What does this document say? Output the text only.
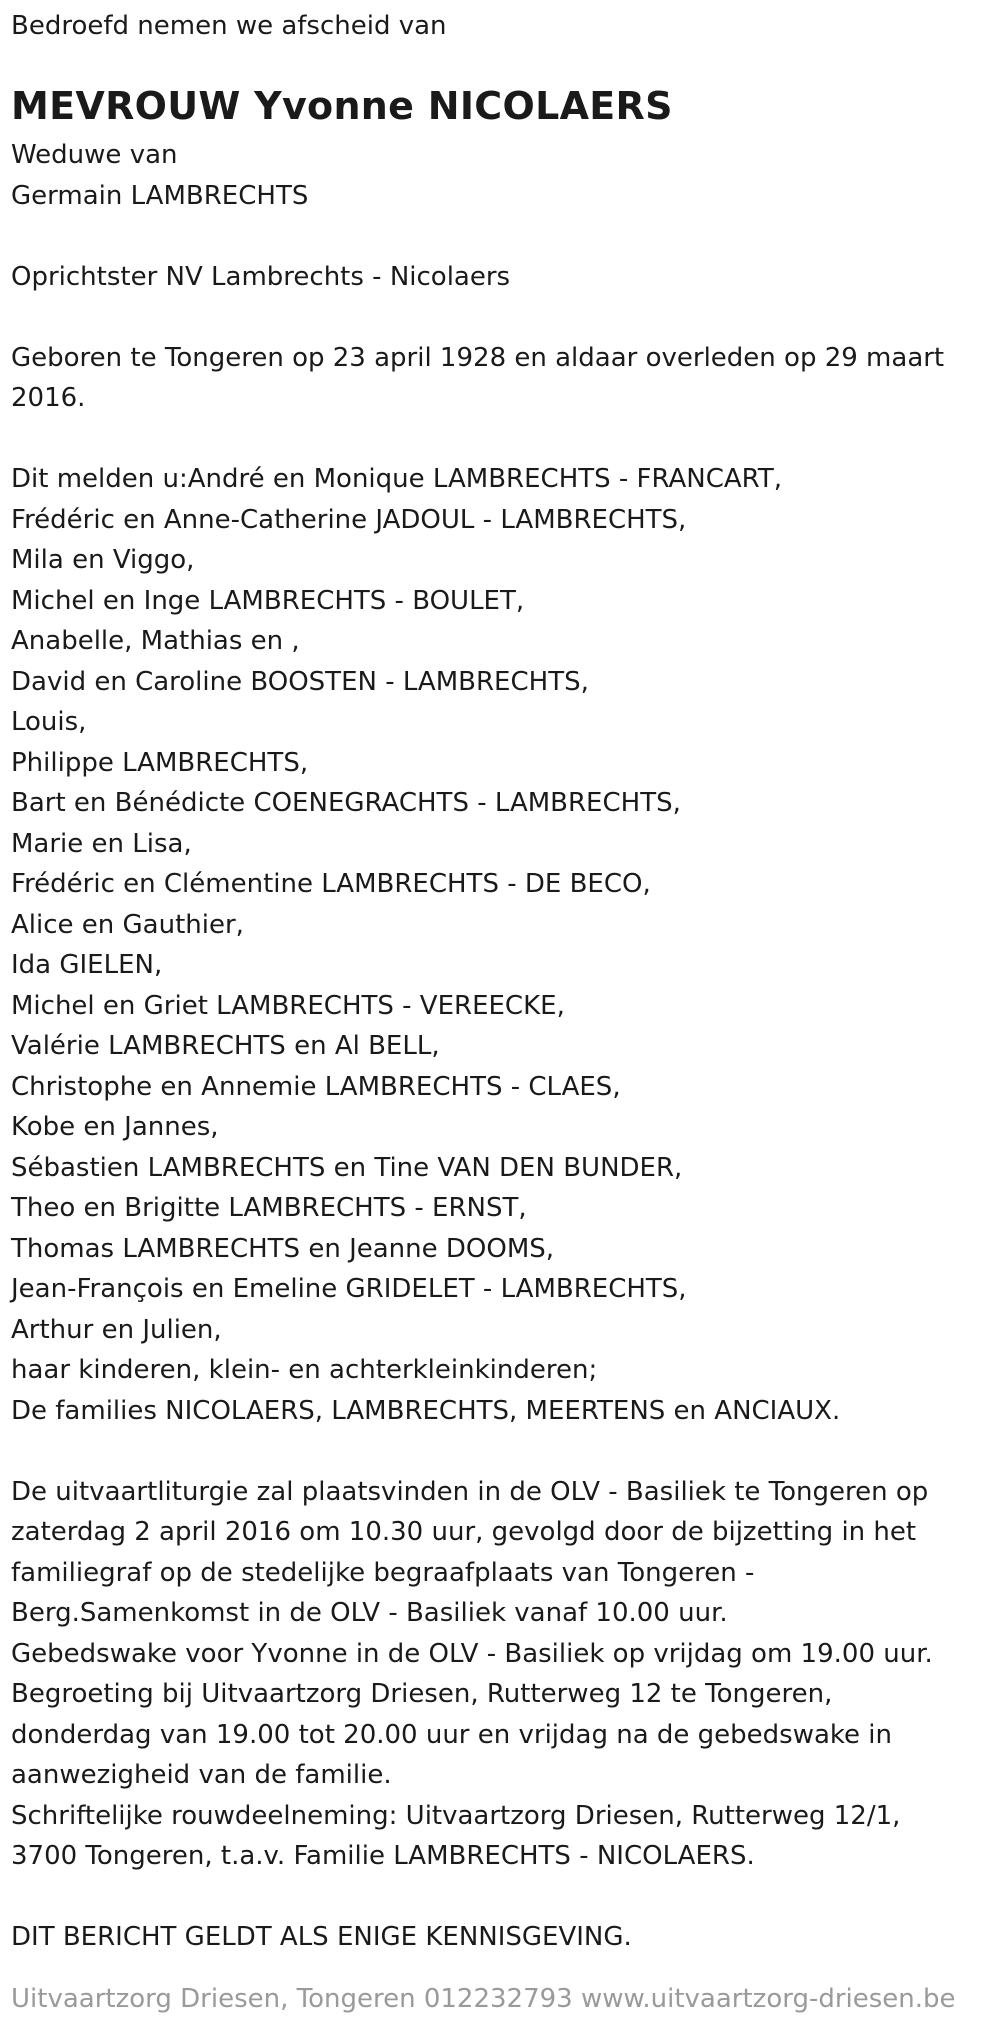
Bedroefd nemen we afscheid van
MEVROUW Yvonne NICOLAERS
Weduwe van
Germain LAMBRECHTS
Oprichtster NV Lambrechts - Nicolaers
Geboren te Tongeren op 23 april 1928 en aldaar overleden op 29 maart
2016.
Dit melden u:André en Monique LAMBRECHTS - FRANCART,
Frédéric en Anne-Catherine JADOUL - LAMBRECHTS,
Mila en Viggo,
Michel en Inge LAMBRECHTS - BOULET,
Anabelle, Mathias en ,
David en Caroline BOOSTEN - LAMBRECHTS,
Louis,
Philippe LAMBRECHTS,
Bart en Bénédicte COENEGRACHTS - LAMBRECHTS,
Marie en Lisa,
Frédéric en Clémentine LAMBRECHTS - DE BECO,
Alice en Gauthier,
Ida GIELEN,
Michel en Griet LAMBRECHTS - VEREECKE,
Valérie LAMBRECHTS en Al BELL,
Christophe en Annemie LAMBRECHTS - CLAES,
Kobe en Jannes,
Sébastien LAMBRECHTS en Tine VAN DEN BUNDER,
Theo en Brigitte LAMBRECHTS - ERNST,
Thomas LAMBRECHTS en Jeanne DOOMS,
Jean-François en Emeline GRIDELET - LAMBRECHTS,
Arthur en Julien,
haar kinderen, klein- en achterkleinkinderen;
De families NICOLAERS, LAMBRECHTS, MEERTENS en ANCIAUX.
De uitvaartliturgie zal plaatsvinden in de OLV - Basiliek te Tongeren op
zaterdag 2 april 2016 om 10.30 uur, gevolgd door de bijzetting in het
familiegraf op de stedelijke begraafplaats van Tongeren -
Berg.Samenkomst in de OLV - Basiliek vanaf 10.00 uur.
Gebedswake voor Yvonne in de OLV - Basiliek op vrijdag om 19.00 uur.
Begroeting bij Uitvaartzorg Driesen, Rutterweg 12 te Tongeren,
donderdag van 19.00 tot 20.00 uur en vrijdag na de gebedswake in
aanwezigheid van de familie.
Schriftelijke rouwdeelneming: Uitvaartzorg Driesen, Rutterweg 12/1,
3700 Tongeren, t.a.v. Familie LAMBRECHTS - NICOLAERS.
DIT BERICHT GELDT ALS ENIGE KENNISGEVING.
Uitvaartzorg Driesen, Tongeren 012232793 www.uitvaartzorg-driesen.be
